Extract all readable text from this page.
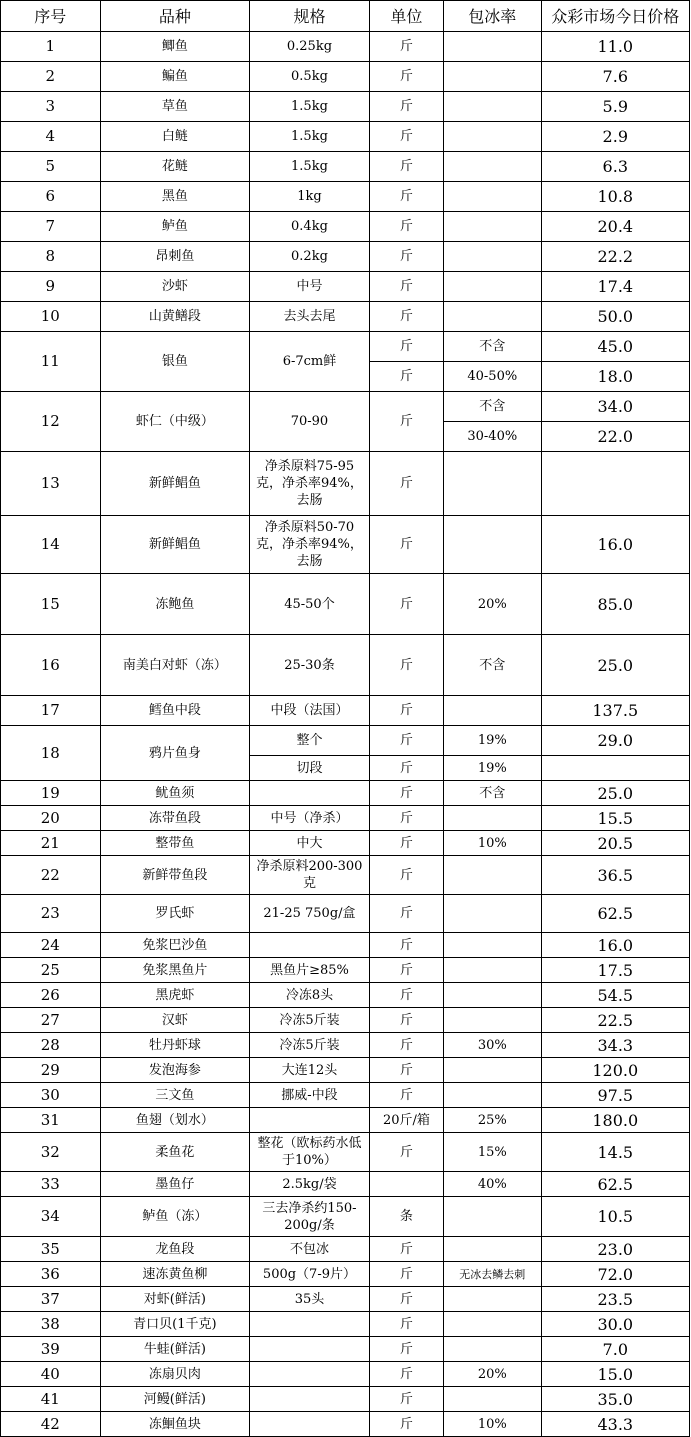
序号	品种	规格	单位	包冰率	众彩市场今日价格
1	鲫鱼	0.25kg	斤		11.0
2	鳊鱼	0.5kg	斤		7.6
3	草鱼	1.5kg	斤		5.9
4	白鲢	1.5kg	斤		2.9
5	花鲢	1.5kg	斤		6.3
6	黑鱼	1kg	斤		10.8
7	鲈鱼	0.4kg	斤		20.4
8	昂刺鱼	0.2kg	斤		22.2
9	沙虾	中号	斤		17.4
10	山黄鳝段	去头去尾	斤		50.0
11	银鱼	6-7cm鲜	斤	不含	45.0
			斤	40-50%	18.0
12	虾仁（中级）	70-90	斤	不含	34.0
				30-40%	22.0
13	新鲜鲳鱼	净杀原料75-95克，净杀率94%，去肠	斤		
14	新鲜鲳鱼	净杀原料50-70克，净杀率94%，去肠	斤		16.0
15	冻鲍鱼	45-50个	斤	20%	85.0
16	南美白对虾（冻）	25-30条	斤	不含	25.0
17	鳕鱼中段	中段（法国）	斤		137.5
18	鸦片鱼身	整个	斤	19%	29.0
		切段	斤	19%	
19	鱿鱼须		斤	不含	25.0
20	冻带鱼段	中号（净杀）	斤		15.5
21	整带鱼	中大	斤	10%	20.5
22	新鲜带鱼段	净杀原料200-300克	斤		36.5
23	罗氏虾	21-25 750g/盒	斤		62.5
24	免浆巴沙鱼		斤		16.0
25	免浆黑鱼片	黑鱼片≥85%	斤		17.5
26	黑虎虾	冷冻8头	斤		54.5
27	汉虾	冷冻5斤装	斤		22.5
28	牡丹虾球	冷冻5斤装	斤	30%	34.3
29	发泡海参	大连12头	斤		120.0
30	三文鱼	挪威-中段	斤		97.5
31	鱼翅（划水）		20斤/箱	25%	180.0
32	柔鱼花	整花（欧标药水低于10%）	斤	15%	14.5
33	墨鱼仔	2.5kg/袋		40%	62.5
34	鲈鱼（冻）	三去净杀约150-200g/条	条		10.5
35	龙鱼段	不包冰	斤		23.0
36	速冻黄鱼柳	500g（7-9片）	斤	无冰去鳞去刺	72.0
37	对虾(鲜活)	35头	斤		23.5
38	青口贝(1千克)		斤		30.0
39	牛蛙(鲜活)		斤		7.0
40	冻扇贝肉		斤	20%	15.0
41	河鳗(鲜活)		斤		35.0
42	冻鮰鱼块		斤	10%	43.3
